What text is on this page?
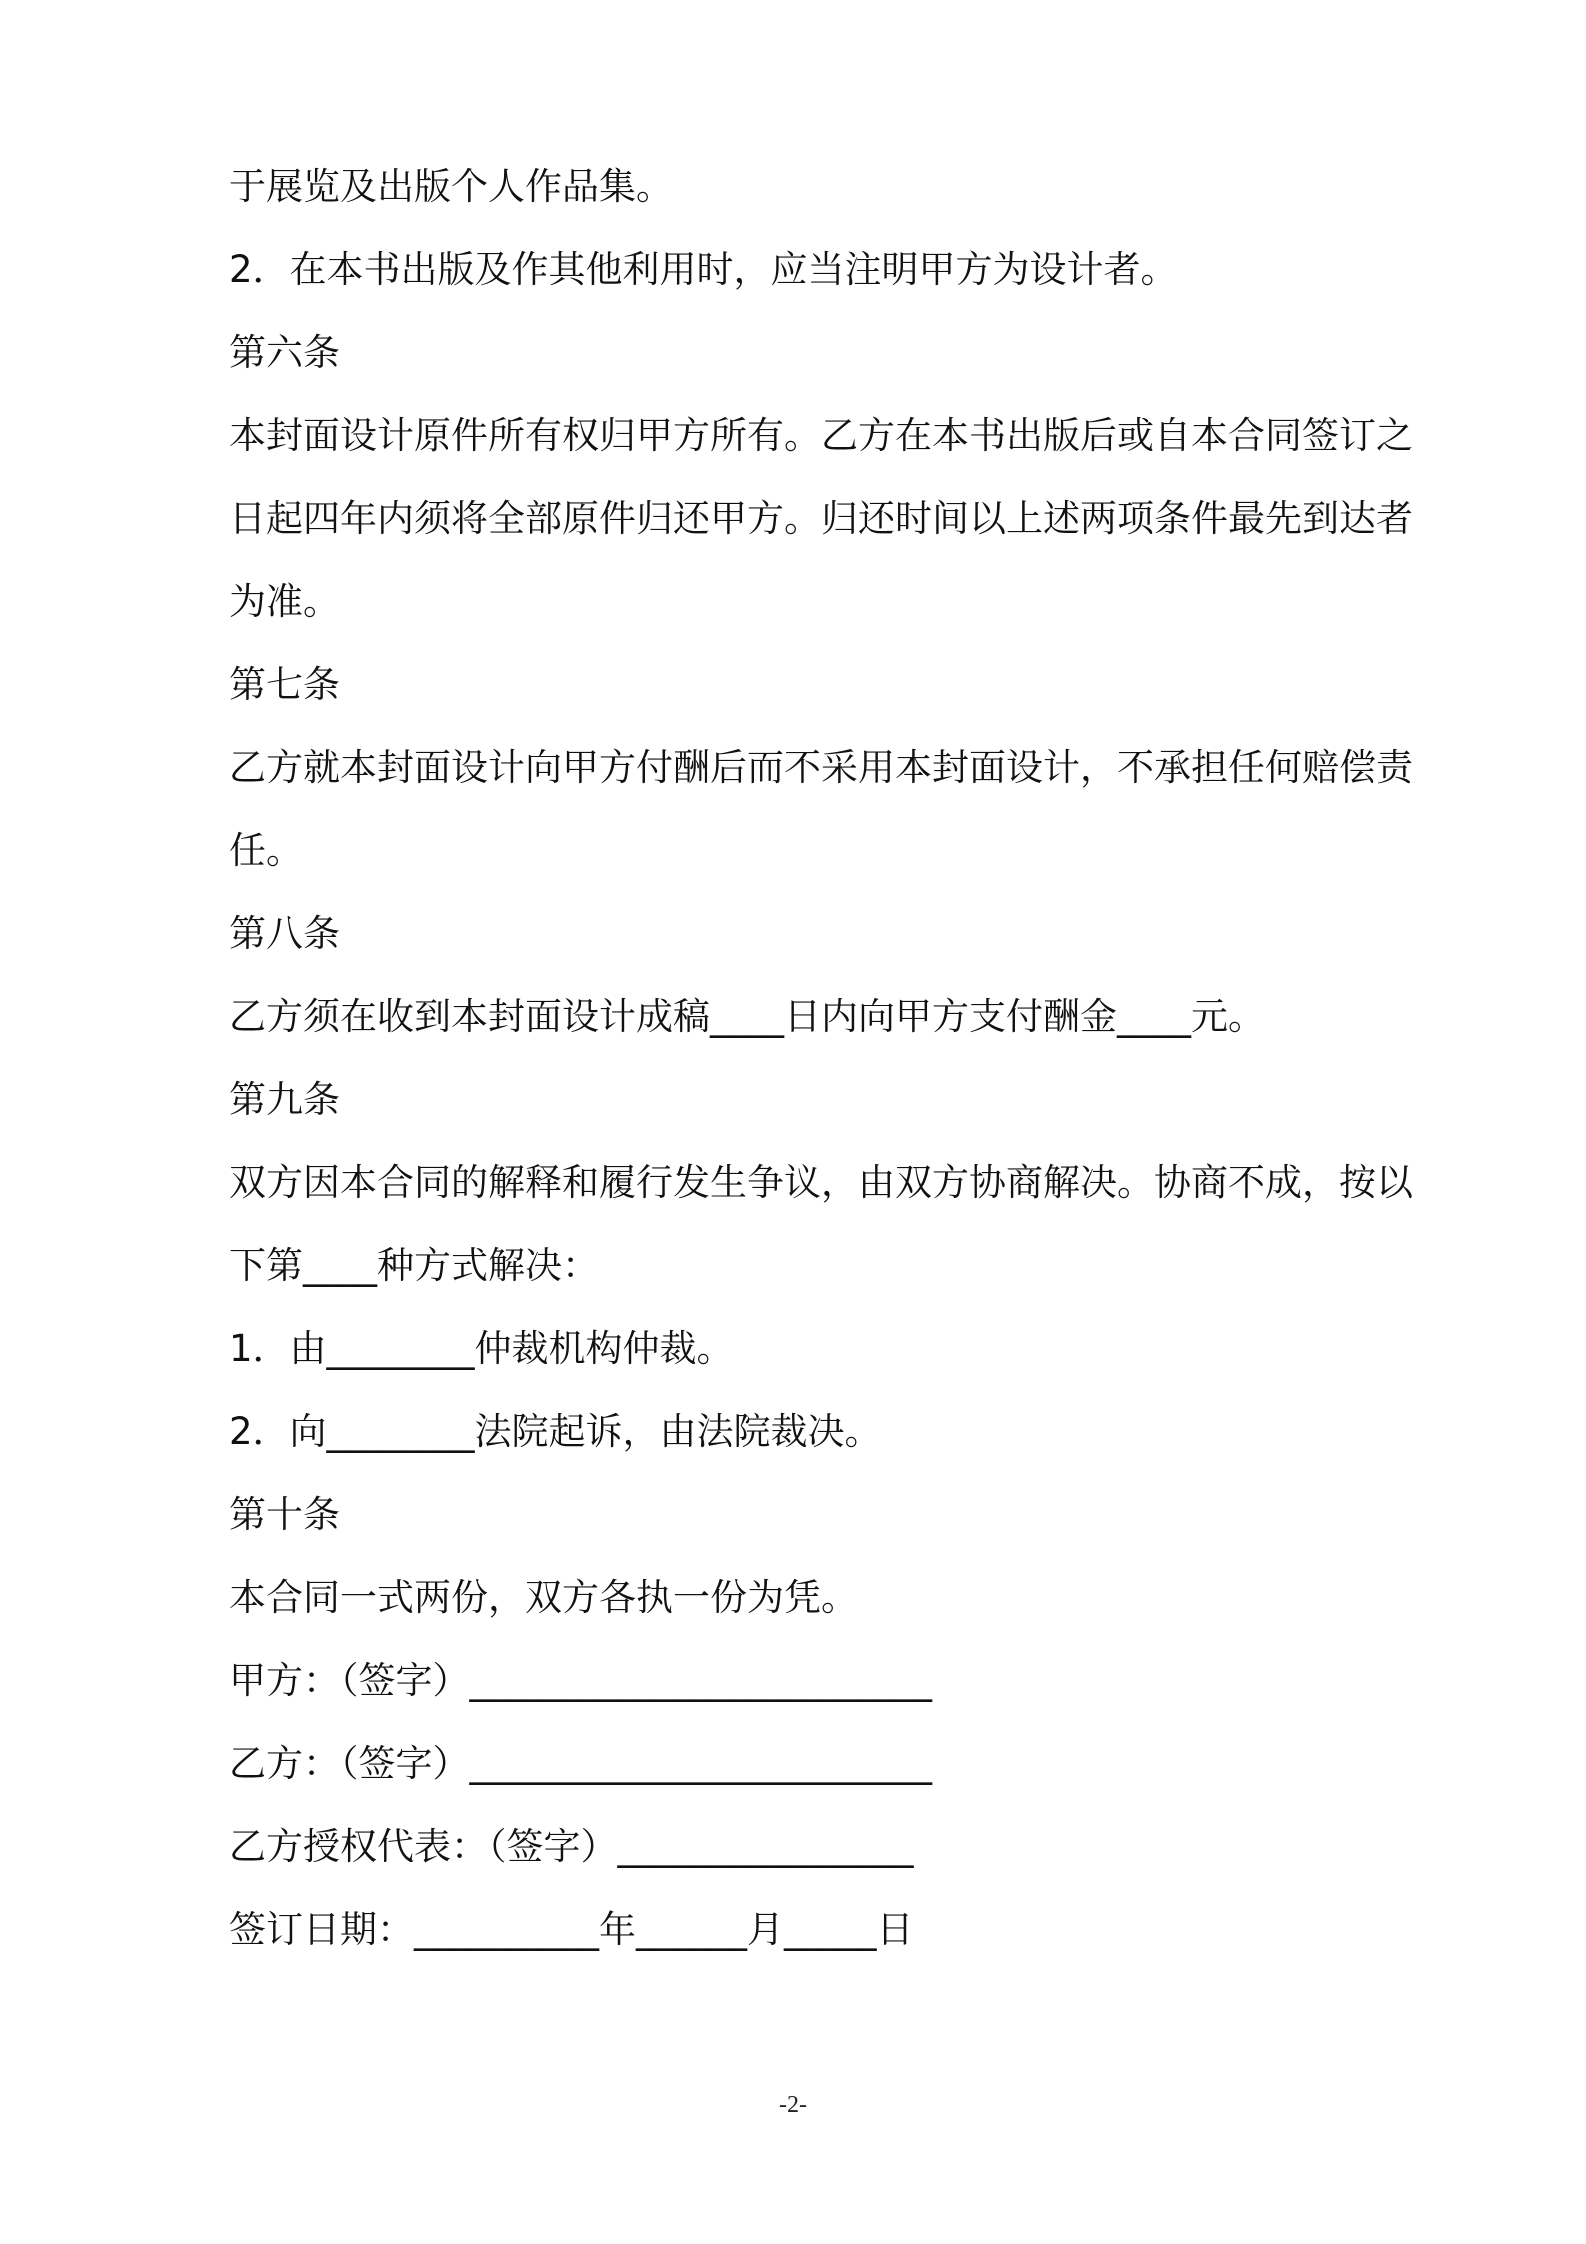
于展览及出版个人作品集。
2．在本书出版及作其他利用时，应当注明甲方为设计者。
第六条
本封面设计原件所有权归甲方所有。乙方在本书出版后或自本合同签订之
日起四年内须将全部原件归还甲方。归还时间以上述两项条件最先到达者
为准。
第七条
乙方就本封面设计向甲方付酬后而不采用本封面设计，不承担任何赔偿责
任。
第八条
乙方须在收到本封面设计成稿____日内向甲方支付酬金____元。
第九条
双方因本合同的解释和履行发生争议，由双方协商解决。协商不成，按以
下第____种方式解决：
1．由________仲裁机构仲裁。
2．向________法院起诉，由法院裁决。
第十条
本合同一式两份，双方各执一份为凭。
甲方：（签字）_________________________
乙方：（签字）_________________________
乙方授权代表：（签字）________________
签订日期：__________年______月_____日
-2-
